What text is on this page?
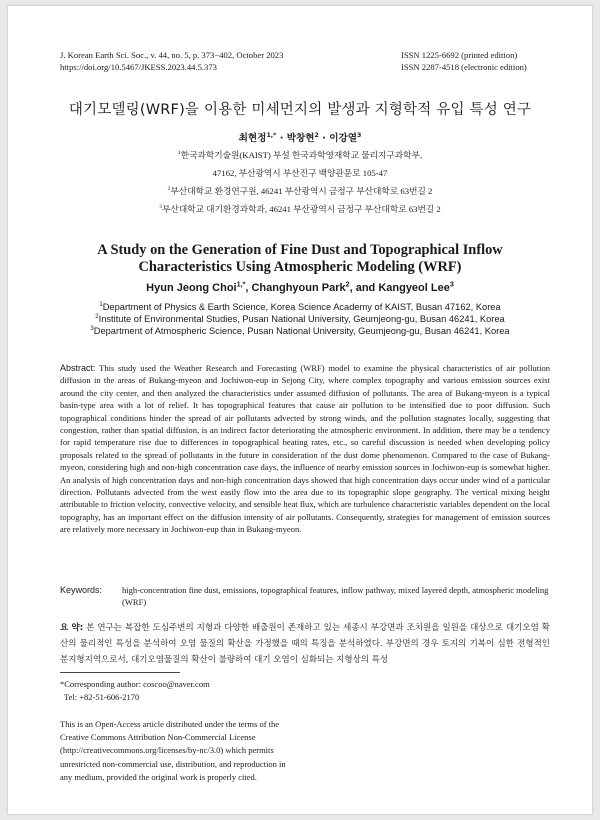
J. Korean Earth Sci. Soc., v. 44, no. 5, p. 373−402, October 2023
https://doi.org/10.5467/JKESS.2023.44.5.373
ISSN 1225-6692 (printed edition)
ISSN 2287-4518 (electronic edition)
대기모델링(WRF)을 이용한 미세먼지의 발생과 지형학적 유입 특성 연구
최현정$^{1,*}$ · 박창현$^2$ · 이강열$^3$
$^1$한국과학기술원(KAIST) 부설 한국과학영재학교 물리지구과학부,
47162, 부산광역시 부산진구 백양관문로 105-47
$^2$부산대학교 환경연구원, 46241 부산광역시 금정구 부산대학로 63번길 2
$^3$부산대학교 대기환경과학과, 46241 부산광역시 금정구 부산대학로 63번길 2
A Study on the Generation of Fine Dust and Topographical Inflow
Characteristics Using Atmospheric Modeling (WRF)
Hyun Jeong Choi$^{1,*}$, Changhyoun Park$^2$, and Kangyeol Lee$^3$
$^1$Department of Physics & Earth Science, Korea Science Academy of KAIST, Busan 47162, Korea
$^2$Institute of Environmental Studies, Pusan National University, Geumjeong-gu, Busan 46241, Korea
$^3$Department of Atmospheric Science, Pusan National University, Geumjeong-gu, Busan 46241, Korea
Abstract: This study used the Weather Research and Forecasting (WRF) model to examine the physical characteristics of air pollution diffusion in the areas of Bukang-myeon and Jochiwon-eup in Sejong City, where complex topography and various emission sources exist around the city center, and then analyzed the characteristics under assumed diffusion of pollutants. The area of Bukang-myeon is a typical basin-type area with a lot of relief. It has topographical features that cause air pollution to be intensified due to poor diffusion. Such topographical conditions hinder the spread of air pollutants advected by strong winds, and the pollution stagnates locally, suggesting that congestion, rather than spatial diffusion, is an indirect factor deteriorating the atmospheric environment. In addition, there may be a tendency for rapid temperature rise due to differences in topographical heating rates, etc., so careful discussion is needed when developing policy proposals related to the spread of pollutants in the future in consideration of the dust dome phenomenon. Compared to the case of Bukang-myeon, considering high and non-high concentration case days, the influence of nearby emission sources in Jochiwon-eup is somewhat higher. An analysis of high concentration days and non-high concentration days showed that high concentration days occur under wind of a particular direction. Pollutants advected from the west easily flow into the area due to its topographic slope geography. The vertical mixing height attributable to friction velocity, convective velocity, and sensible heat flux, which are turbulence characteristic variables dependent on the local topography, has an important effect on the diffusion intensity of air pollutants. Consequently, strategies for management of emission sources are relatively more necessary in Jochiwon-eup than in Bukang-myeon.
Keywords: high-concentration fine dust, emissions, topographical features, inflow pathway, mixed layered depth, atmospheric modeling (WRF)
요 약: 본 연구는 복잡한 도심주변의 지형과 다양한 배출원이 존재하고 있는 세종시 부강면과 조치원읍 일원을 대상으로 대기오염 확산의 물리적인 특성을 분석하여 오염 물질의 확산을 가정했을 때의 특징을 분석하였다. 부강면의 경우 토지의 기복이 심한 전형적인 분지형지역으로서, 대기오염물질의 확산이 불량하여 대기 오염이 심화되는 지형상의 특성
*Corresponding author: coscoo@naver.com
Tel: +82-51-606-2170
This is an Open-Access article distributed under the terms of the Creative Commons Attribution Non-Commercial License (http://creativecommons.org/licenses/by-nc/3.0) which permits unrestricted non-commercial use, distribution, and reproduction in any medium, provided the original work is properly cited.
